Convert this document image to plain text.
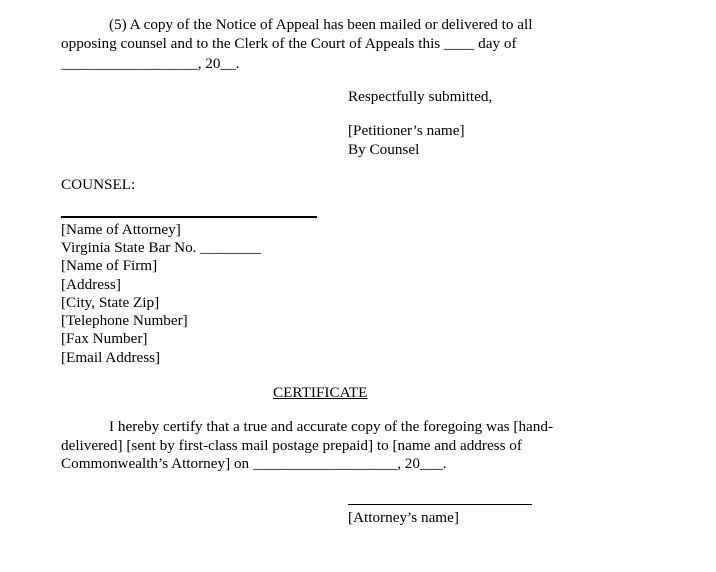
(5) A copy of the Notice of Appeal has been mailed or delivered to all
opposing counsel and to the Clerk of the Court of Appeals this ____ day of
__________________, 20__.
Respectfully submitted,
[Petitioner’s name]
By Counsel
COUNSEL:
[Name of Attorney]
Virginia State Bar No. ________
[Name of Firm]
[Address]
[City, State Zip]
[Telephone Number]
[Fax Number]
[Email Address]
CERTIFICATE
I hereby certify that a true and accurate copy of the foregoing was [hand-
delivered] [sent by first-class mail postage prepaid] to [name and address of
Commonwealth’s Attorney] on ___________________, 20___.
[Attorney’s name]
